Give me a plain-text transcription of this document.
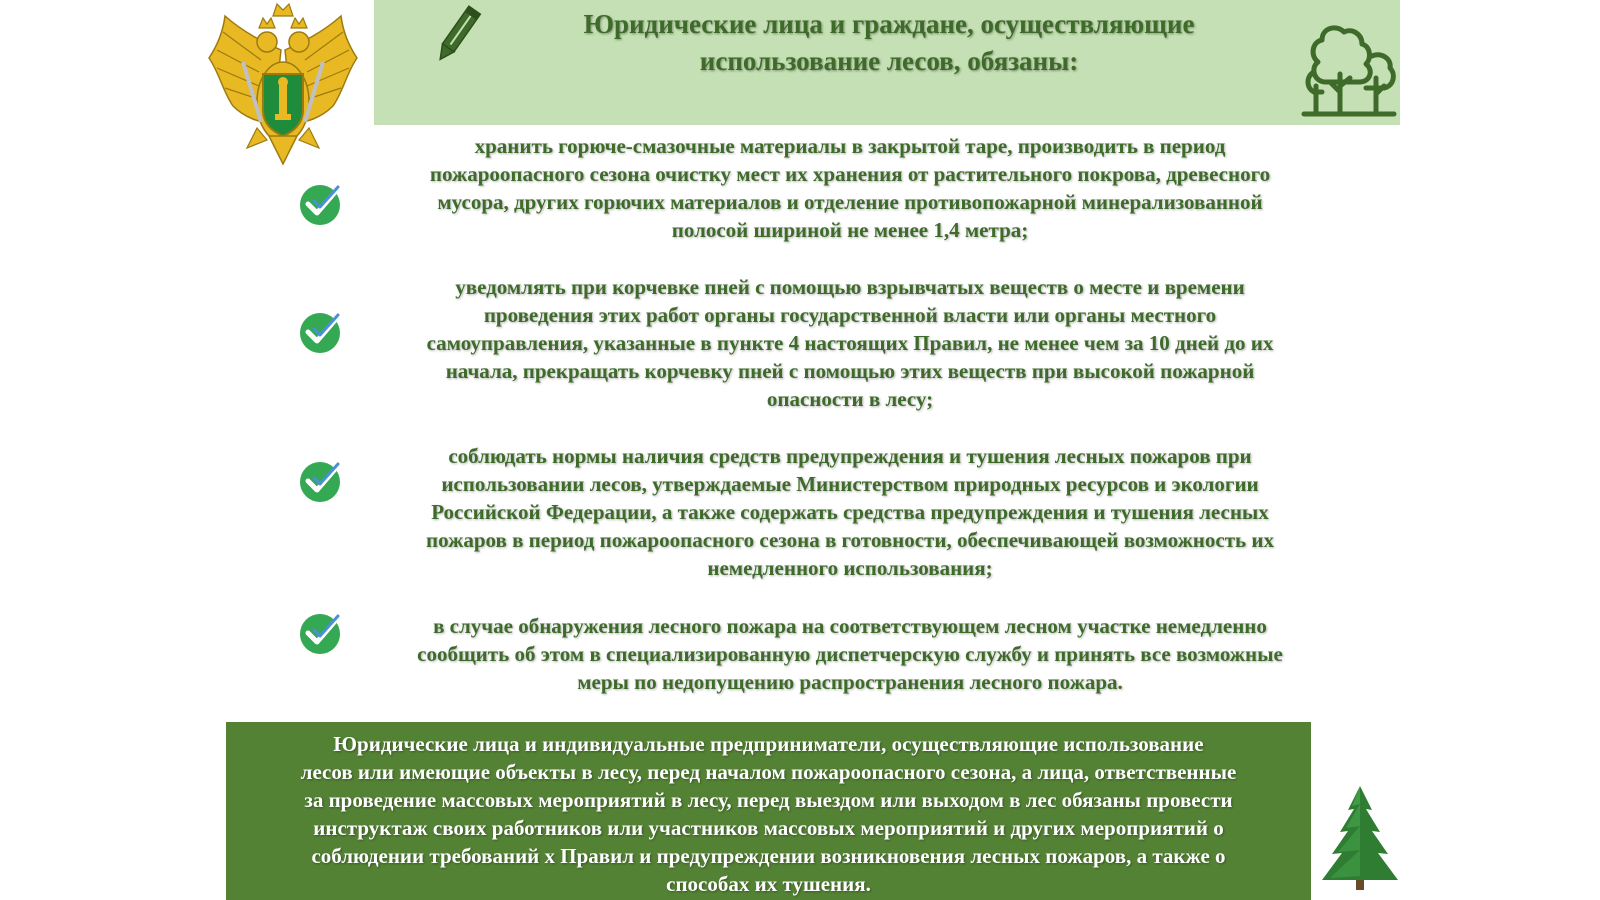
Юридические лица и граждане, осуществляющие
использование лесов, обязаны:
хранить горюче-смазочные материалы в закрытой таре, производить в период
пожароопасного сезона очистку мест их хранения от растительного покрова, древесного
мусора, других горючих материалов и отделение противопожарной минерализованной
полосой шириной не менее 1,4 метра;
уведомлять при корчевке пней с помощью взрывчатых веществ о месте и времени
проведения этих работ органы государственной власти или органы местного
самоуправления, указанные в пункте 4 настоящих Правил, не менее чем за 10 дней до их
начала, прекращать корчевку пней с помощью этих веществ при высокой пожарной
опасности в лесу;
соблюдать нормы наличия средств предупреждения и тушения лесных пожаров при
использовании лесов, утверждаемые Министерством природных ресурсов и экологии
Российской Федерации, а также содержать средства предупреждения и тушения лесных
пожаров в период пожароопасного сезона в готовности, обеспечивающей возможность их
немедленного использования;
в случае обнаружения лесного пожара на соответствующем лесном участке немедленно
сообщить об этом в специализированную диспетчерскую службу и принять все возможные
меры по недопущению распространения лесного пожара.
Юридические лица и индивидуальные предприниматели, осуществляющие использование
лесов или имеющие объекты в лесу, перед началом пожароопасного сезона, а лица, ответственные
за проведение массовых мероприятий в лесу, перед выездом или выходом в лес обязаны провести
инструктаж своих работников или участников массовых мероприятий и других мероприятий о
соблюдении требований х Правил и предупреждении возникновения лесных пожаров, а также о
способах их тушения.
